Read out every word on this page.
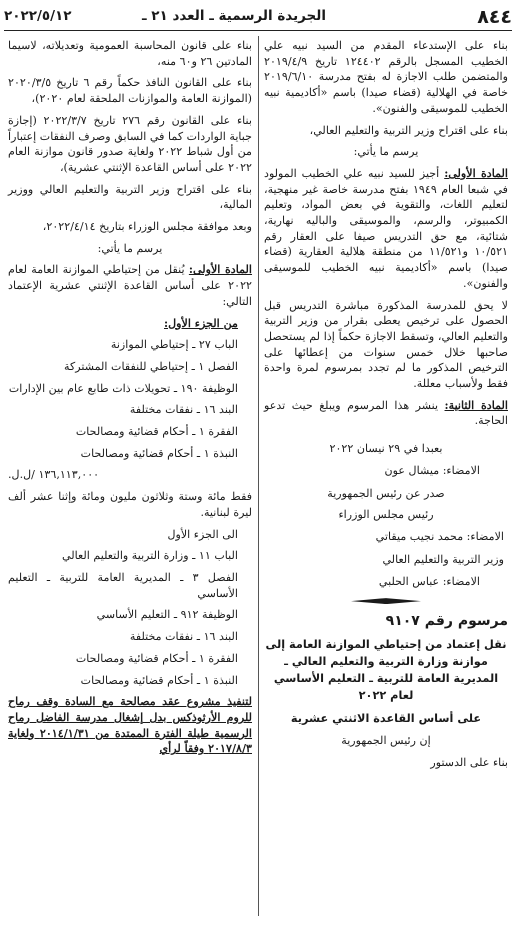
٨٤٤
الجريدة الرسمية ـ العدد ٢١ ـ
٢٠٢٢/٥/١٢

بناء على الإستدعاء المقدم من السيد نبيه علي الخطيب المسجل بالرقم ١٢٤٤٠٢ تاريخ ٢٠١٩/٤/٩ والمتضمن طلب الاجازة له بفتح مدرسة ٢٠١٩/٦/١٠ خاصة في الهلالية (قضاء صيدا) باسم «أكاديمية نبيه الخطيب للموسيقى والفنون».

بناء على اقتراح وزير التربية والتعليم العالي،

يرسم ما يأتي:

المادة الأولى: أجيز للسيد نبيه علي الخطيب المولود في شبعا العام ١٩٤٩ بفتح مدرسة خاصة غير منهجية، لتعليم اللغات، والتقوية في بعض المواد، وتعليم الكمبيوتر، والرسم، والموسيقى والباليه نهارية، شتائية، مع حق التدريس صيفا على العقار رقم ١٠/٥٢١ و١١/٥٢١ من منطقة هلالية العقارية (قضاء صيدا) باسم «أكاديمية نبيه الخطيب للموسيقى والفنون».

لا يحق للمدرسة المذكورة مباشرة التدريس قبل الحصول على ترخيص يعطى بقرار من وزير التربية والتعليم العالي، وتسقط الاجازة حكماً إذا لم يستحصل صاحبها خلال خمس سنوات من إعطائها على الترخيص المذكور ما لم تجدد بمرسوم لمرة واحدة فقط ولأسباب معللة.

المادة الثانية: ينشر هذا المرسوم ويبلغ حيث تدعو الحاجة.

بعبدا في ٢٩ نيسان ٢٠٢٢

الامضاء: ميشال عون

صدر عن رئيس الجمهورية

رئيس مجلس الوزراء

الامضاء: محمد نجيب ميقاتي

وزير التربية والتعليم العالي

الامضاء: عباس الحلبي

مرسوم رقم ٩١٠٧

نقل إعتماد من إحتياطي الموازنة العامة إلى موازنة وزارة التربية والتعليم العالي ـ المديرية العامة للتربية ـ التعليم الأساسي لعام ٢٠٢٢

على أساس القاعدة الاثنتي عشرية

إن رئيس الجمهورية

بناء على الدستور

بناء على قانون المحاسبة العمومية وتعديلاته، لاسيما المادتين ٢٦ و٦٠ منه،

بناء على القانون النافذ حكماً رقم ٦ تاريخ ٢٠٢٠/٣/٥ (الموازنة العامة والموازنات الملحقة لعام ٢٠٢٠)،

بناء على القانون رقم ٢٧٦ تاريخ ٢٠٢٢/٣/٧ (إجازة جباية الواردات كما في السابق وصرف النفقات إعتباراً من أول شباط ٢٠٢٢ ولغاية صدور قانون موازنة العام ٢٠٢٢ على أساس القاعدة الإثنتي عشرية)،

بناء على اقتراح وزير التربية والتعليم العالي ووزير المالية،

وبعد موافقة مجلس الوزراء بتاريخ ٢٠٢٢/٤/١٤،

يرسم ما يأتي:

المادة الأولى: يُنقل من إحتياطي الموازنة العامة لعام ٢٠٢٢ على أساس القاعدة الإثنتي عشرية الإعتماد التالي:

من الجزء الأول:

الباب ٢٧ ـ إحتياطي الموازنة

الفصل ١ ـ إحتياطي للنفقات المشتركة

الوظيفة ١٩٠ ـ تحويلات ذات طابع عام بين الإدارات

البند ١٦ ـ نفقات مختلفة

الفقرة ١ ـ أحكام قضائية ومصالحات

النبذة ١ ـ أحكام قضائية ومصالحات

١٣٦,١١٣,٠٠٠ /ل.ل.

فقط مائة وستة وثلاثون مليون ومائة وإثنا عشر ألف ليرة لبنانية.

الى الجزء الأول

الباب ١١ ـ وزارة التربية والتعليم العالي

الفصل ٣ ـ المديرية العامة للتربية ـ التعليم الأساسي

الوظيفة ٩١٢ ـ التعليم الأساسي

البند ١٦ ـ نفقات مختلفة

الفقرة ١ ـ أحكام قضائية ومصالحات

النبذة ١ ـ أحكام قضائية ومصالحات

لتنفيذ مشروع عقد مصالحة مع السادة وقف رماح للروم الأرثوذكس بدل إشغال مدرسة الفاضل رماح الرسمية طيلة الفترة الممتدة من ٢٠١٤/١/٣١ ولغاية ٢٠١٧/٨/٣ وفقاً لرأي
